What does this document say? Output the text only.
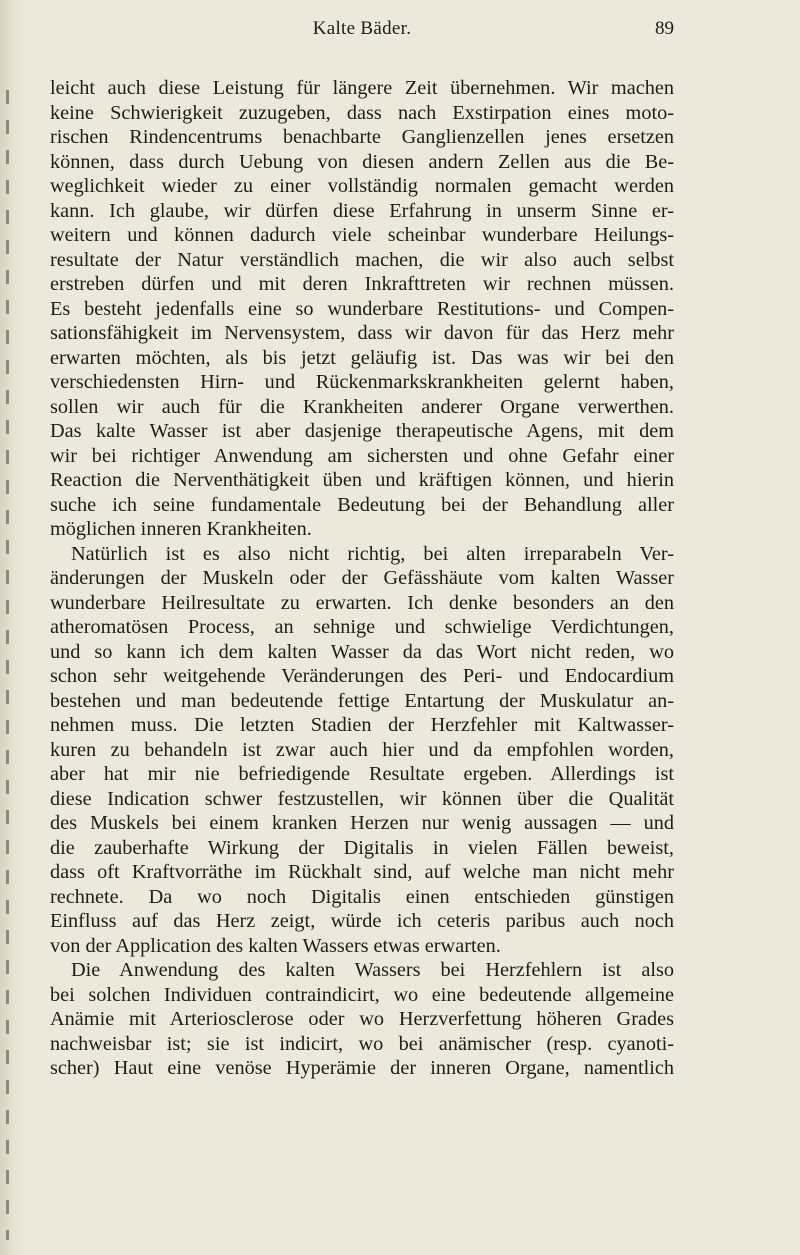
Kalte Bäder.	89
leicht auch diese Leistung für längere Zeit übernehmen. Wir machen
keine Schwierigkeit zuzugeben, dass nach Exstirpation eines moto-
rischen Rindencentrums benachbarte Ganglienzellen jenes ersetzen
können, dass durch Uebung von diesen andern Zellen aus die Be-
weglichkeit wieder zu einer vollständig normalen gemacht werden
kann. Ich glaube, wir dürfen diese Erfahrung in unserm Sinne er-
weitern und können dadurch viele scheinbar wunderbare Heilungs-
resultate der Natur verständlich machen, die wir also auch selbst
erstreben dürfen und mit deren Inkrafttreten wir rechnen müssen.
Es besteht jedenfalls eine so wunderbare Restitutions- und Compen-
sationsfähigkeit im Nervensystem, dass wir davon für das Herz mehr
erwarten möchten, als bis jetzt geläufig ist. Das was wir bei den
verschiedensten Hirn- und Rückenmarkskrankheiten gelernt haben,
sollen wir auch für die Krankheiten anderer Organe verwerthen.
Das kalte Wasser ist aber dasjenige therapeutische Agens, mit dem
wir bei richtiger Anwendung am sichersten und ohne Gefahr einer
Reaction die Nerventhätigkeit üben und kräftigen können, und hierin
suche ich seine fundamentale Bedeutung bei der Behandlung aller
möglichen inneren Krankheiten.
Natürlich ist es also nicht richtig, bei alten irreparabeln Ver-
änderungen der Muskeln oder der Gefässhäute vom kalten Wasser
wunderbare Heilresultate zu erwarten. Ich denke besonders an den
atheromatösen Process, an sehnige und schwielige Verdichtungen,
und so kann ich dem kalten Wasser da das Wort nicht reden, wo
schon sehr weitgehende Veränderungen des Peri- und Endocardium
bestehen und man bedeutende fettige Entartung der Muskulatur an-
nehmen muss. Die letzten Stadien der Herzfehler mit Kaltwasser-
kuren zu behandeln ist zwar auch hier und da empfohlen worden,
aber hat mir nie befriedigende Resultate ergeben. Allerdings ist
diese Indication schwer festzustellen, wir können über die Qualität
des Muskels bei einem kranken Herzen nur wenig aussagen — und
die zauberhafte Wirkung der Digitalis in vielen Fällen beweist,
dass oft Kraftvorräthe im Rückhalt sind, auf welche man nicht mehr
rechnete. Da wo noch Digitalis einen entschieden günstigen
Einfluss auf das Herz zeigt, würde ich ceteris paribus auch noch
von der Application des kalten Wassers etwas erwarten.
Die Anwendung des kalten Wassers bei Herzfehlern ist also
bei solchen Individuen contraindicirt, wo eine bedeutende allgemeine
Anämie mit Arteriosclerose oder wo Herzverfettung höheren Grades
nachweisbar ist; sie ist indicirt, wo bei anämischer (resp. cyanoti-
scher) Haut eine venöse Hyperämie der inneren Organe, namentlich
